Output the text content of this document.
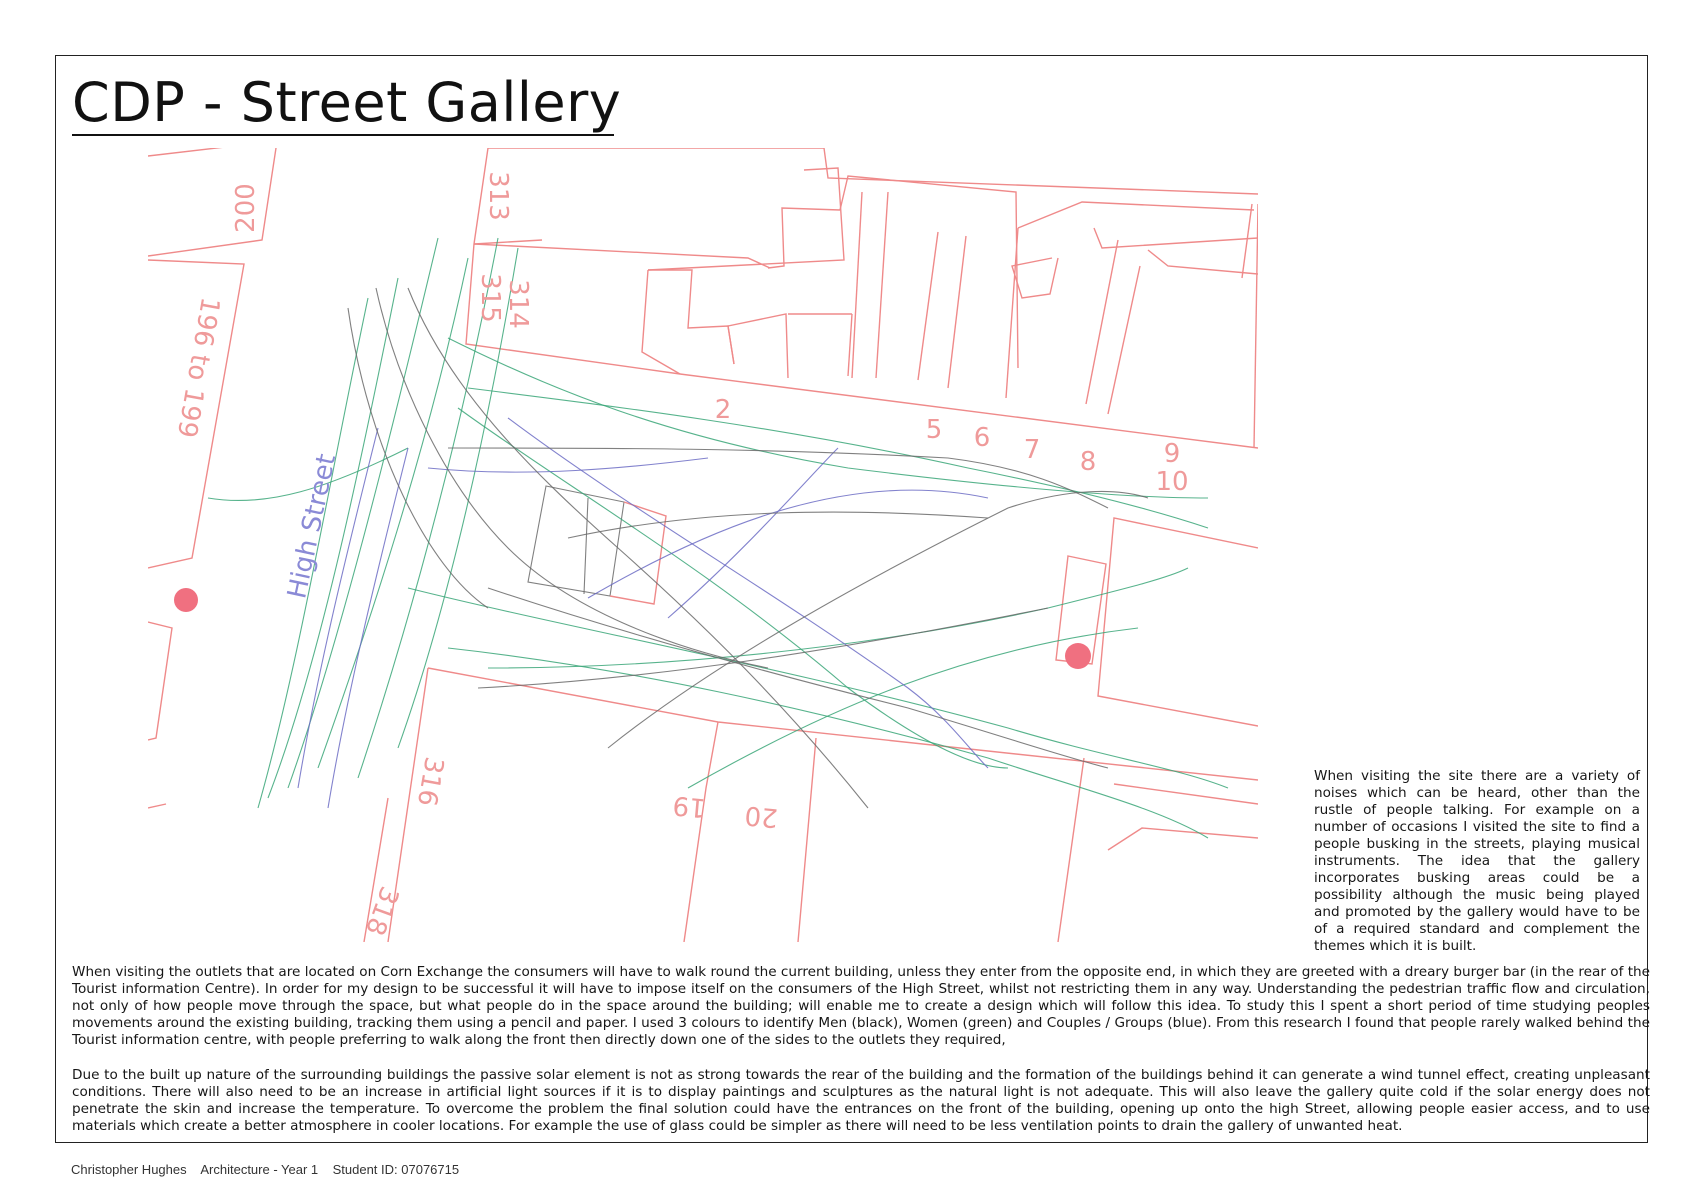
CDP - Street Gallery
200
196 to 199
313
314
315
2
5 6 7 8	9
10
316	19 20
318
High Street

When visiting the site there are a variety of noises which can be heard, other than the rustle of people talking. For example on a number of occasions I visited the site to find a people busking in the streets, playing musical instruments. The idea that the gallery incorporates busking areas could be a possibility although the music being played and promoted by the gallery would have to be of a required standard and complement the themes which it is built.

When visiting the outlets that are located on Corn Exchange the consumers will have to walk round the current building, unless they enter from the opposite end, in which they are greeted with a dreary burger bar (in the rear of the Tourist information Centre). In order for my design to be successful it will have to impose itself on the consumers of the High Street, whilst not restricting them in any way. Understanding the pedestrian traffic flow and circulation, not only of how people move through the space, but what people do in the space around the building; will enable me to create a design which will follow this idea. To study this I spent a short period of time studying peoples movements around the existing building, tracking them using a pencil and paper. I used 3 colours to identify Men (black), Women (green) and Couples / Groups (blue). From this research I found that people rarely walked behind the Tourist information centre, with people preferring to walk along the front then directly down one of the sides to the outlets they required,

Due to the built up nature of the surrounding buildings the passive solar element is not as strong towards the rear of the building and the formation of the buildings behind it can generate a wind tunnel effect, creating unpleasant conditions. There will also need to be an increase in artificial light sources if it is to display paintings and sculptures as the natural light is not adequate. This will also leave the gallery quite cold if the solar energy does not penetrate the skin and increase the temperature. To overcome the problem the final solution could have the entrances on the front of the building, opening up onto the high Street, allowing people easier access, and to use materials which create a better atmosphere in cooler locations. For example the use of glass could be simpler as there will need to be less ventilation points to drain the gallery of unwanted heat.

Christopher Hughes Architecture - Year 1 Student ID: 07076715
